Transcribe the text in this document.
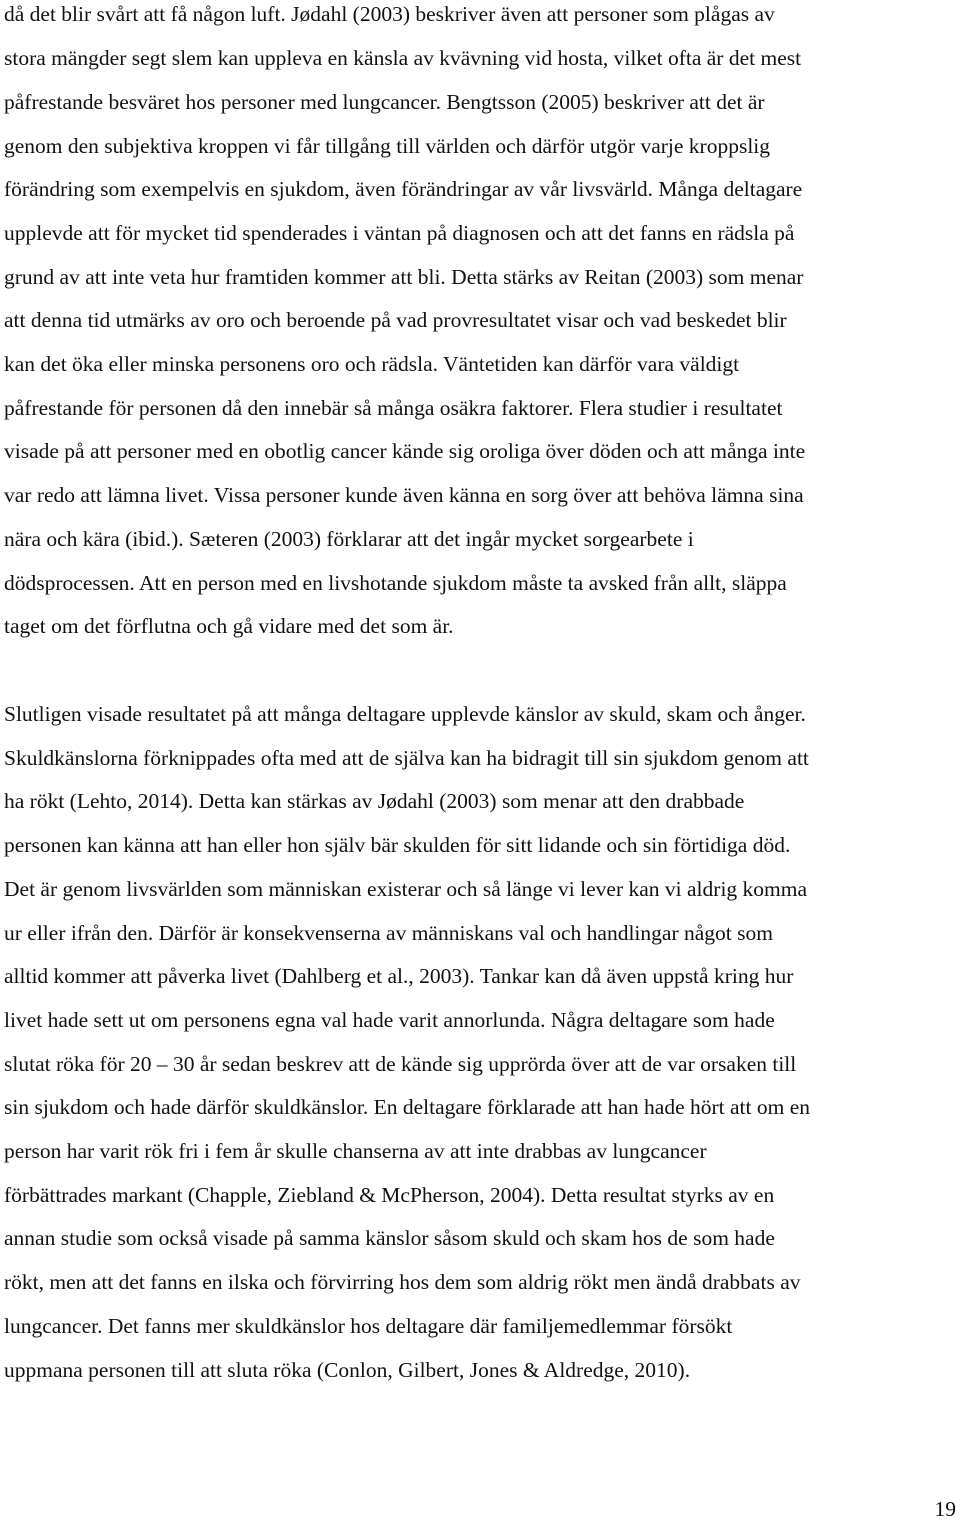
då det blir svårt att få någon luft. Jødahl (2003) beskriver även att personer som plågas av

stora mängder segt slem kan uppleva en känsla av kvävning vid hosta, vilket ofta är det mest

påfrestande besväret hos personer med lungcancer. Bengtsson (2005) beskriver att det är

genom den subjektiva kroppen vi får tillgång till världen och därför utgör varje kroppslig

förändring som exempelvis en sjukdom, även förändringar av vår livsvärld. Många deltagare

upplevde att för mycket tid spenderades i väntan på diagnosen och att det fanns en rädsla på

grund av att inte veta hur framtiden kommer att bli. Detta stärks av Reitan (2003) som menar

att denna tid utmärks av oro och beroende på vad provresultatet visar och vad beskedet blir

kan det öka eller minska personens oro och rädsla. Väntetiden kan därför vara väldigt

påfrestande för personen då den innebär så många osäkra faktorer. Flera studier i resultatet

visade på att personer med en obotlig cancer kände sig oroliga över döden och att många inte

var redo att lämna livet. Vissa personer kunde även känna en sorg över att behöva lämna sina

nära och kära (ibid.). Sæteren (2003) förklarar att det ingår mycket sorgearbete i

dödsprocessen. Att en person med en livshotande sjukdom måste ta avsked från allt, släppa

taget om det förflutna och gå vidare med det som är.

Slutligen visade resultatet på att många deltagare upplevde känslor av skuld, skam och ånger.

Skuldkänslorna förknippades ofta med att de själva kan ha bidragit till sin sjukdom genom att

ha rökt (Lehto, 2014). Detta kan stärkas av Jødahl (2003) som menar att den drabbade

personen kan känna att han eller hon själv bär skulden för sitt lidande och sin förtidiga död.

Det är genom livsvärlden som människan existerar och så länge vi lever kan vi aldrig komma

ur eller ifrån den. Därför är konsekvenserna av människans val och handlingar något som

alltid kommer att påverka livet (Dahlberg et al., 2003). Tankar kan då även uppstå kring hur

livet hade sett ut om personens egna val hade varit annorlunda. Några deltagare som hade

slutat röka för 20 – 30 år sedan beskrev att de kände sig upprörda över att de var orsaken till

sin sjukdom och hade därför skuldkänslor. En deltagare förklarade att han hade hört att om en

person har varit rök fri i fem år skulle chanserna av att inte drabbas av lungcancer

förbättrades markant (Chapple, Ziebland & McPherson, 2004). Detta resultat styrks av en

annan studie som också visade på samma känslor såsom skuld och skam hos de som hade

rökt, men att det fanns en ilska och förvirring hos dem som aldrig rökt men ändå drabbats av

lungcancer. Det fanns mer skuldkänslor hos deltagare där familjemedlemmar försökt

uppmana personen till att sluta röka (Conlon, Gilbert, Jones & Aldredge, 2010).

19
